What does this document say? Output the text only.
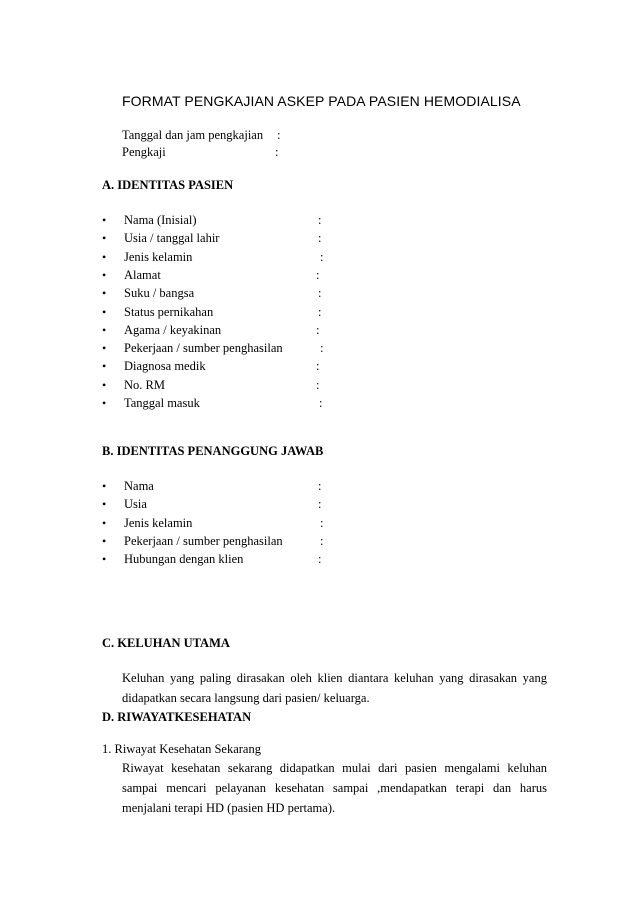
FORMAT PENGKAJIAN ASKEP PADA PASIEN HEMODIALISA
Tanggal dan jam pengkajian :
Pengkaji	:
A. IDENTITAS PASIEN
• Nama (Inisial)	:
• Usia / tanggal lahir	:
• Jenis kelamin	:
• Alamat	:
• Suku / bangsa	:
• Status pernikahan	:
• Agama / keyakinan	:
• Pekerjaan / sumber penghasilan	:
• Diagnosa medik	:
• No. RM	:
• Tanggal masuk	:
B. IDENTITAS PENANGGUNG JAWAB
• Nama	:
• Usia	:
• Jenis kelamin	:
• Pekerjaan / sumber penghasilan	:
• Hubungan dengan klien	:
C. KELUHAN UTAMA
Keluhan yang paling dirasakan oleh klien diantara keluhan yang dirasakan yang didapatkan secara langsung dari pasien/ keluarga.
D. RIWAYATKESEHATAN
1. Riwayat Kesehatan Sekarang
Riwayat kesehatan sekarang didapatkan mulai dari pasien mengalami keluhan sampai mencari pelayanan kesehatan sampai ,mendapatkan terapi dan harus menjalani terapi HD (pasien HD pertama).
